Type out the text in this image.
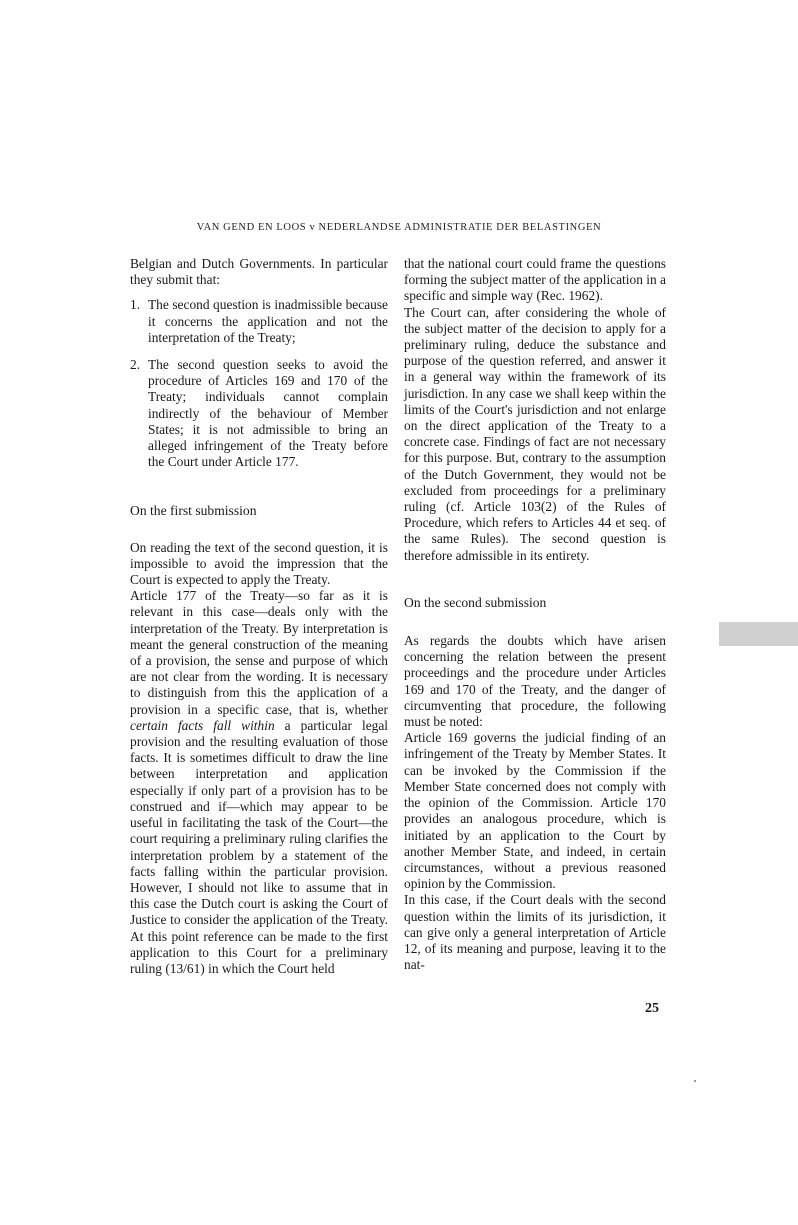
VAN GEND EN LOOS v NEDERLANDSE ADMINISTRATIE DER BELASTINGEN

Belgian and Dutch Governments. In particular they submit that:

1. The second question is inadmissible because it concerns the application and not the interpretation of the Treaty;
2. The second question seeks to avoid the procedure of Articles 169 and 170 of the Treaty; individuals cannot complain indirectly of the behaviour of Member States; it is not admissible to bring an alleged infringement of the Treaty before the Court under Article 177.

On the first submission

On reading the text of the second question, it is impossible to avoid the impression that the Court is expected to apply the Treaty.

Article 177 of the Treaty—so far as it is relevant in this case—deals only with the interpretation of the Treaty. By interpretation is meant the general construction of the meaning of a provision, the sense and purpose of which are not clear from the wording. It is necessary to distinguish from this the application of a provision in a specific case, that is, whether certain facts fall within a particular legal provision and the resulting evaluation of those facts. It is sometimes difficult to draw the line between interpretation and application especially if only part of a provision has to be construed and if—which may appear to be useful in facilitating the task of the Court—the court requiring a preliminary ruling clarifies the interpretation problem by a statement of the facts falling within the particular provision. However, I should not like to assume that in this case the Dutch court is asking the Court of Justice to consider the application of the Treaty. At this point reference can be made to the first application to this Court for a preliminary ruling (13/61) in which the Court held

that the national court could frame the questions forming the subject matter of the application in a specific and simple way (Rec. 1962).

The Court can, after considering the whole of the subject matter of the decision to apply for a preliminary ruling, deduce the substance and purpose of the question referred, and answer it in a general way within the framework of its jurisdiction. In any case we shall keep within the limits of the Court's jurisdiction and not enlarge on the direct application of the Treaty to a concrete case. Findings of fact are not necessary for this purpose. But, contrary to the assumption of the Dutch Government, they would not be excluded from proceedings for a preliminary ruling (cf. Article 103(2) of the Rules of Procedure, which refers to Articles 44 et seq. of the same Rules). The second question is therefore admissible in its entirety.

On the second submission

As regards the doubts which have arisen concerning the relation between the present proceedings and the procedure under Articles 169 and 170 of the Treaty, and the danger of circumventing that procedure, the following must be noted:

Article 169 governs the judicial finding of an infringement of the Treaty by Member States. It can be invoked by the Commission if the Member State concerned does not comply with the opinion of the Commission. Article 170 provides an analogous procedure, which is initiated by an application to the Court by another Member State, and indeed, in certain circumstances, without a previous reasoned opinion by the Commission.

In this case, if the Court deals with the second question within the limits of its jurisdiction, it can give only a general interpretation of Article 12, of its meaning and purpose, leaving it to the nat-

25
